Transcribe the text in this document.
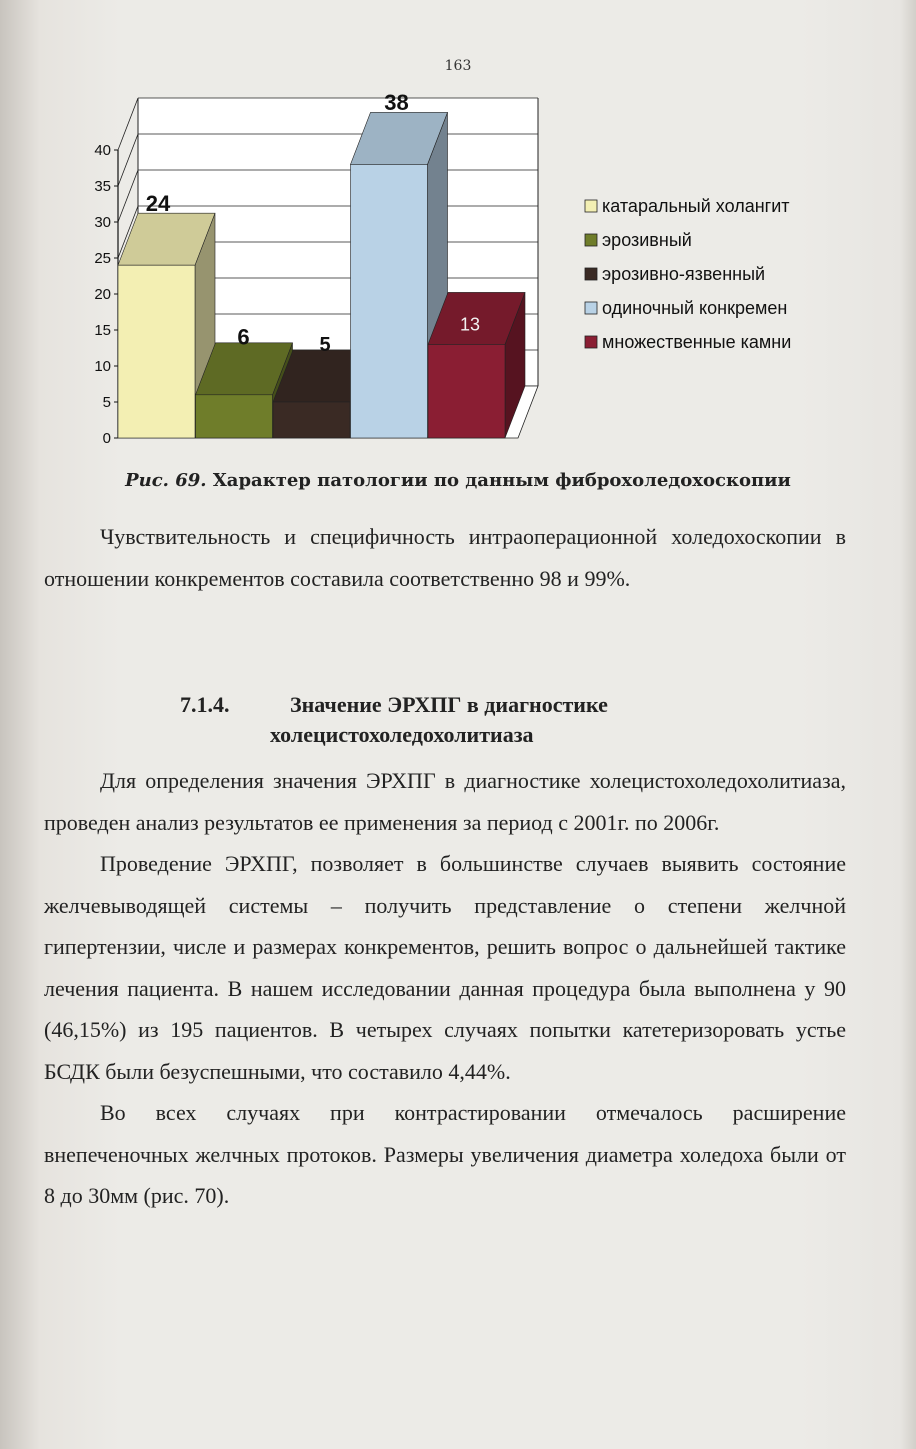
163
0
5
10
15
20
25
30
35
40
24
6	5
38
13
катаральный холангит
эрозивный
эрозивно-язвенный
одиночный конкремен
множественные камни
Рис. 69. Характер патологии по данным фиброхоледохоскопии

Чувствительность и специфичность интраоперационной холедохоскопии в отношении конкрементов составила соответственно 98 и 99%.

7.1.4.	Значение ЭРХПГ в диагностике
холецистохоледохолитиаза

Для определения значения ЭРХПГ в диагностике холецистохоледохолитиаза, проведен анализ результатов ее применения за период с 2001г. по 2006г.

Проведение ЭРХПГ, позволяет в большинстве случаев выявить состояние желчевыводящей системы – получить представление о степени желчной гипертензии, числе и размерах конкрементов, решить вопрос о дальнейшей тактике лечения пациента. В нашем исследовании данная процедура была выполнена у 90 (46,15%) из 195 пациентов. В четырех случаях попытки катетеризоровать устье БСДК были безуспешными, что составило 4,44%.

Во всех случаях при контрастировании отмечалось расширение внепеченочных желчных протоков. Размеры увеличения диаметра холедоха были от 8 до 30мм (рис. 70).
